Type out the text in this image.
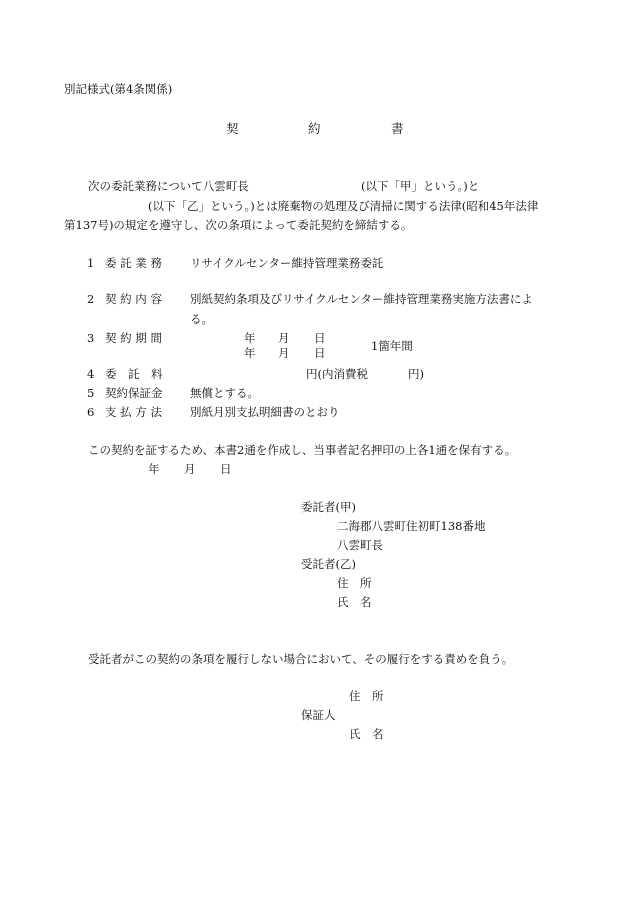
別記様式(第4条関係)
契	約	書
次の委託業務について八雲町長	(以下「甲」という。)と
(以下「乙」という。)とは廃棄物の処理及び清掃に関する法律(昭和45年法律
第137号)の規定を遵守し、次の条項によって委託契約を締結する。
1 委 託 業 務 リサイクルセンター維持管理業務委託
2 契 約 内 容 別紙契約条項及びリサイクルセンター維持管理業務実施方法書によ
る。
3 契 約 期 間	年 月 日
年 月 日	1箇年間
4 委　託　料	円(内消費税	円)
5 契約保証金 無償とする。
6 支 払 方 法 別紙月別支払明細書のとおり
この契約を証するため、本書2通を作成し、当事者記名押印の上各1通を保有する。
年 月 日
委託者(甲)
二海郡八雲町住初町138番地
八雲町長
受託者(乙)
住　所
氏　名
受託者がこの契約の条項を履行しない場合において、その履行をする責めを負う。
住　所
保証人
氏　名
